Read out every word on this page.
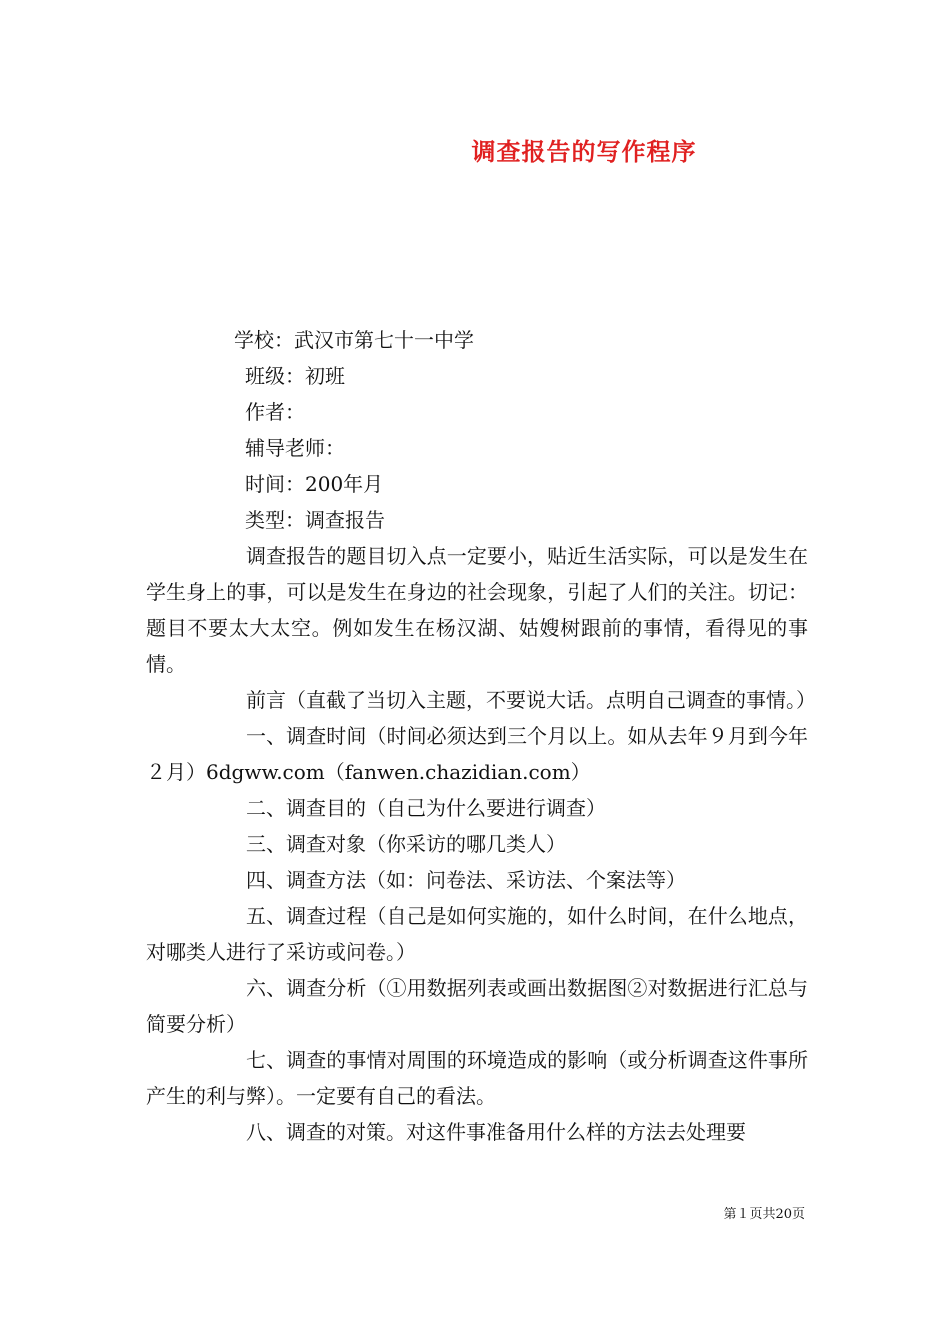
调查报告的写作程序
学校：武汉市第七十一中学
班级：初班
作者：
辅导老师：
时间：200年月
类型：调查报告

调查报告的题目切入点一定要小，贴近生活实际，可以是发生在学生身上的事，可以是发生在身边的社会现象，引起了人们的关注。切记：题目不要太大太空。例如发生在杨汉湖、姑嫂树跟前的事情，看得见的事情。

前言（直截了当切入主题，不要说大话。点明自己调查的事情。）

一、调查时间（时间必须达到三个月以上。如从去年９月到今年２月）6dgww.com（fanwen.chazidian.com）

二、调查目的（自己为什么要进行调查）

三、调查对象（你采访的哪几类人）

四、调查方法（如：问卷法、采访法、个案法等）

五、调查过程（自己是如何实施的，如什么时间，在什么地点，对哪类人进行了采访或问卷。）

六、调查分析（①用数据列表或画出数据图②对数据进行汇总与简要分析）

七、调查的事情对周围的环境造成的影响（或分析调查这件事所产生的利与弊）。一定要有自己的看法。

八、调查的对策。对这件事准备用什么样的方法去处理要

第１页共20页
